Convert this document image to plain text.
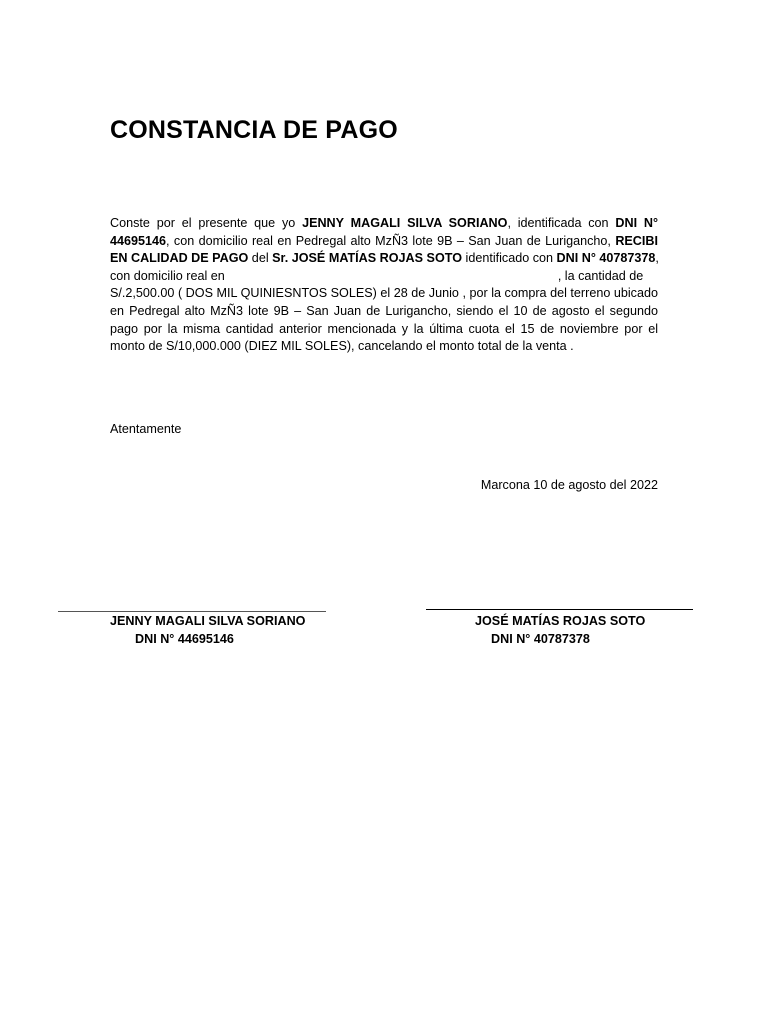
CONSTANCIA DE PAGO
Conste por el presente que yo JENNY MAGALI SILVA SORIANO, identificada con DNI N°
44695146, con domicilio real en Pedregal alto MzÑ3 lote 9B – San Juan de Lurigancho, RECIBI
EN CALIDAD DE PAGO del Sr. JOSÉ MATÍAS ROJAS SOTO identificado con DNI N° 40787378,
con domicilio real en	, la cantidad de
S/.2,500.00 ( DOS MIL QUINIESNTOS SOLES) el 28 de Junio , por la compra del terreno ubicado
en Pedregal alto MzÑ3 lote 9B – San Juan de Lurigancho, siendo el 10 de agosto el segundo
pago por la misma cantidad anterior mencionada y la última cuota el 15 de noviembre por el
monto de S/10,000.000 (DIEZ MIL SOLES), cancelando el monto total de la venta .
Atentamente
Marcona 10 de agosto del 2022
JENNY MAGALI SILVA SORIANO
DNI N° 44695146
JOSÉ MATÍAS ROJAS SOTO
DNI N° 40787378
